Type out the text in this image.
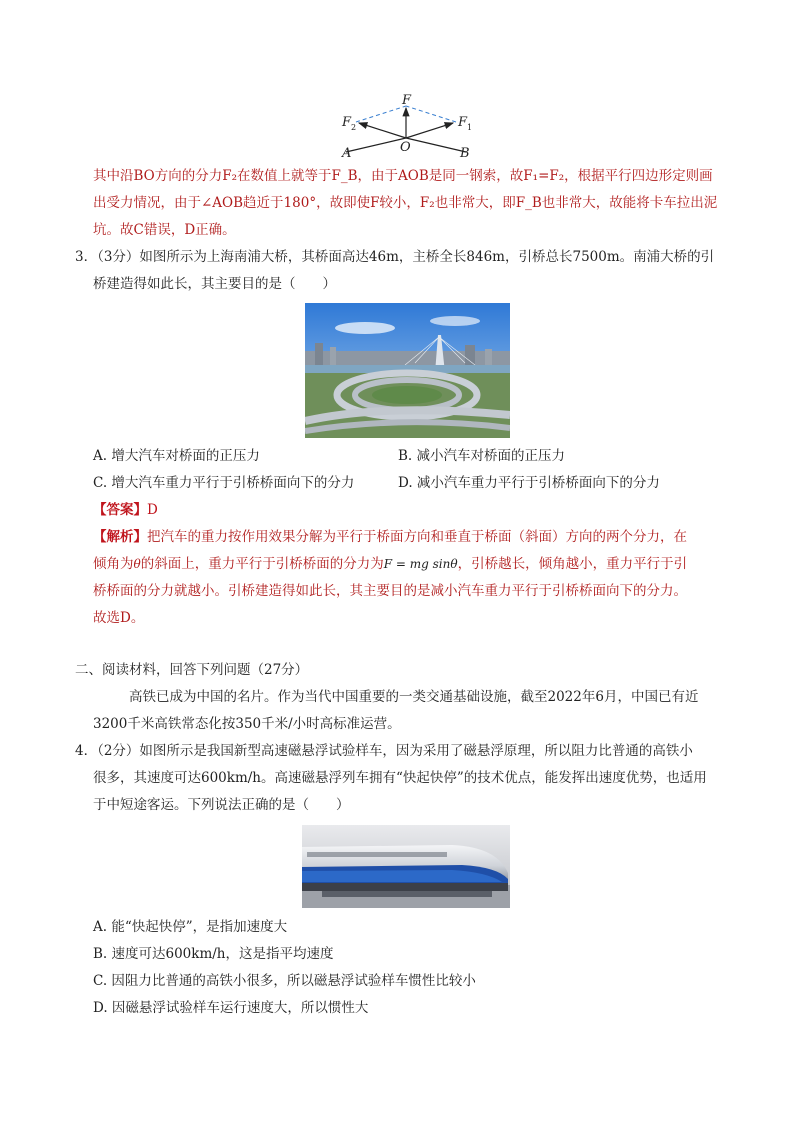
F
$F_2$	$F_1$
A	O	B
其中沿BO方向的分力F₂在数值上就等于F_B，由于AOB是同一钢索，故F₁=F₂，根据平行四边形定则画
出受力情况，由于∠AOB趋近于180°，故即使F较小，F₂也非常大，即F_B也非常大，故能将卡车拉出泥
坑。故C错误，D正确。
3．（3分）如图所示为上海南浦大桥，其桥面高达46m，主桥全长846m，引桥总长7500m。南浦大桥的引
桥建造得如此长，其主要目的是（　　）
A. 增大汽车对桥面的正压力	B. 减小汽车对桥面的正压力
C. 增大汽车重力平行于引桥桥面向下的分力	D. 减小汽车重力平行于引桥桥面向下的分力
【答案】D
【解析】把汽车的重力按作用效果分解为平行于桥面方向和垂直于桥面（斜面）方向的两个分力，在
倾角为θ的斜面上，重力平行于引桥桥面的分力为F = mg sinθ，引桥越长，倾角越小，重力平行于引
桥桥面的分力就越小。引桥建造得如此长，其主要目的是减小汽车重力平行于引桥桥面向下的分力。
故选D。
二、阅读材料，回答下列问题（27分）
高铁已成为中国的名片。作为当代中国重要的一类交通基础设施，截至2022年6月，中国已有近
3200千米高铁常态化按350千米/小时高标准运营。
4．（2分）如图所示是我国新型高速磁悬浮试验样车，因为采用了磁悬浮原理，所以阻力比普通的高铁小
很多，其速度可达600km/h。高速磁悬浮列车拥有“快起快停”的技术优点，能发挥出速度优势，也适用
于中短途客运。下列说法正确的是（　　）
A. 能“快起快停”，是指加速度大
B. 速度可达600km/h，这是指平均速度
C. 因阻力比普通的高铁小很多，所以磁悬浮试验样车惯性比较小
D. 因磁悬浮试验样车运行速度大，所以惯性大
